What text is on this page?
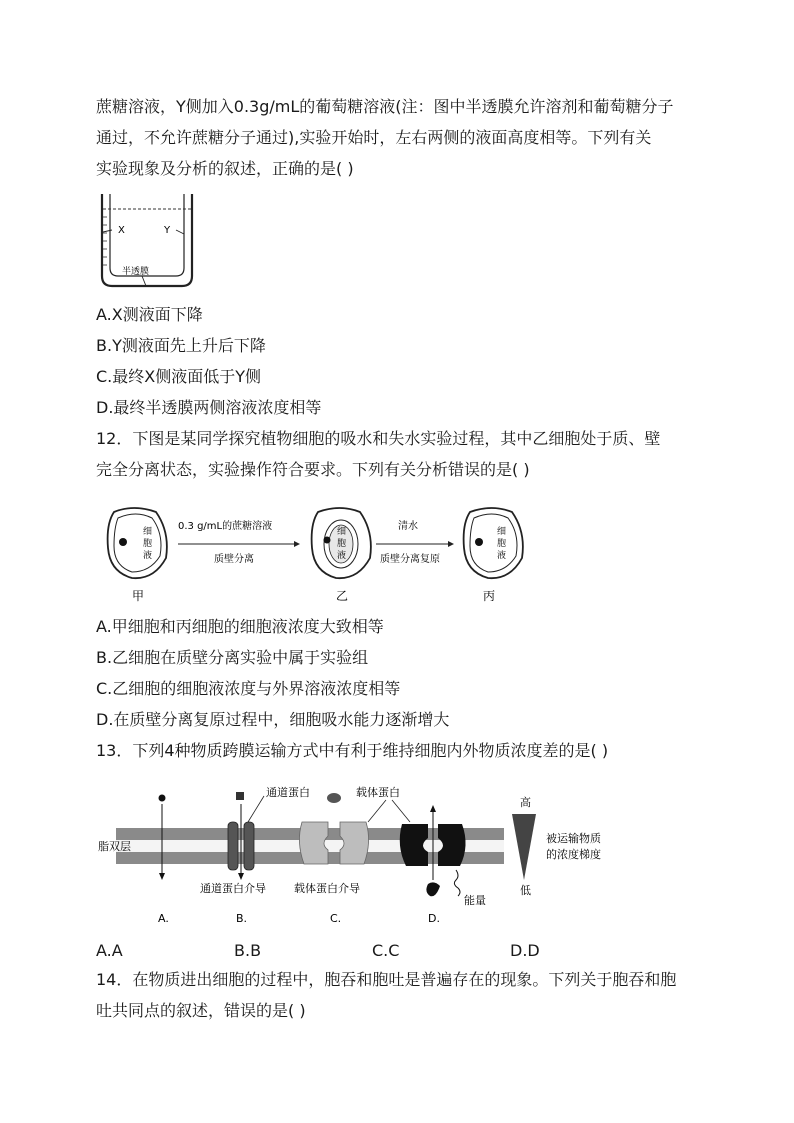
蔗糖溶液，Y侧加入0.3g/mL的葡萄糖溶液(注：图中半透膜允许溶剂和葡萄糖分子
通过，不允许蔗糖分子通过),实验开始时，左右两侧的液面高度相等。下列有关
实验现象及分析的叙述，正确的是( )
X	Y
半透膜
A.X测液面下降
B.Y测液面先上升后下降
C.最终X侧液面低于Y侧
D.最终半透膜两侧溶液浓度相等
12．下图是某同学探究植物细胞的吸水和失水实验过程，其中乙细胞处于质、壁
完全分离状态，实验操作符合要求。下列有关分析错误的是( )
细胞液
0.3 g/mL的蔗糖溶液
质壁分离
细胞液
清水
质壁分离复原
细胞液
甲	乙	丙
A.甲细胞和丙细胞的细胞液浓度大致相等
B.乙细胞在质壁分离实验中属于实验组
C.乙细胞的细胞液浓度与外界溶液浓度相等
D.在质壁分离复原过程中，细胞吸水能力逐渐增大
13．下列4种物质跨膜运输方式中有利于维持细胞内外物质浓度差的是( )
脂双层
通道蛋白	载体蛋白
能量
高
低
被运输物质
的浓度梯度
通道蛋白介导	载体蛋白介导
A.	B.	C.	D.
A.A	B.B	C.C	D.D
14．在物质进出细胞的过程中，胞吞和胞吐是普遍存在的现象。下列关于胞吞和胞
吐共同点的叙述，错误的是( )
